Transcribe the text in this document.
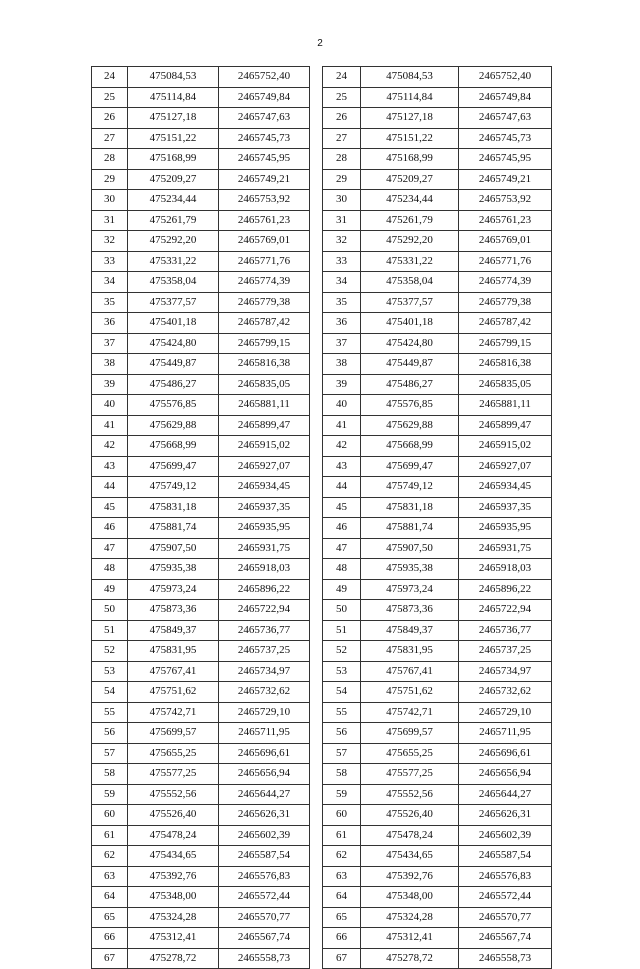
2
24	475084,53	2465752,40
25	475114,84	2465749,84
26	475127,18	2465747,63
27	475151,22	2465745,73
28	475168,99	2465745,95
29	475209,27	2465749,21
30	475234,44	2465753,92
31	475261,79	2465761,23
32	475292,20	2465769,01
33	475331,22	2465771,76
34	475358,04	2465774,39
35	475377,57	2465779,38
36	475401,18	2465787,42
37	475424,80	2465799,15
38	475449,87	2465816,38
39	475486,27	2465835,05
40	475576,85	2465881,11
41	475629,88	2465899,47
42	475668,99	2465915,02
43	475699,47	2465927,07
44	475749,12	2465934,45
45	475831,18	2465937,35
46	475881,74	2465935,95
47	475907,50	2465931,75
48	475935,38	2465918,03
49	475973,24	2465896,22
50	475873,36	2465722,94
51	475849,37	2465736,77
52	475831,95	2465737,25
53	475767,41	2465734,97
54	475751,62	2465732,62
55	475742,71	2465729,10
56	475699,57	2465711,95
57	475655,25	2465696,61
58	475577,25	2465656,94
59	475552,56	2465644,27
60	475526,40	2465626,31
61	475478,24	2465602,39
62	475434,65	2465587,54
63	475392,76	2465576,83
64	475348,00	2465572,44
65	475324,28	2465570,77
66	475312,41	2465567,74
67	475278,72	2465558,73
24	475084,53	2465752,40
25	475114,84	2465749,84
26	475127,18	2465747,63
27	475151,22	2465745,73
28	475168,99	2465745,95
29	475209,27	2465749,21
30	475234,44	2465753,92
31	475261,79	2465761,23
32	475292,20	2465769,01
33	475331,22	2465771,76
34	475358,04	2465774,39
35	475377,57	2465779,38
36	475401,18	2465787,42
37	475424,80	2465799,15
38	475449,87	2465816,38
39	475486,27	2465835,05
40	475576,85	2465881,11
41	475629,88	2465899,47
42	475668,99	2465915,02
43	475699,47	2465927,07
44	475749,12	2465934,45
45	475831,18	2465937,35
46	475881,74	2465935,95
47	475907,50	2465931,75
48	475935,38	2465918,03
49	475973,24	2465896,22
50	475873,36	2465722,94
51	475849,37	2465736,77
52	475831,95	2465737,25
53	475767,41	2465734,97
54	475751,62	2465732,62
55	475742,71	2465729,10
56	475699,57	2465711,95
57	475655,25	2465696,61
58	475577,25	2465656,94
59	475552,56	2465644,27
60	475526,40	2465626,31
61	475478,24	2465602,39
62	475434,65	2465587,54
63	475392,76	2465576,83
64	475348,00	2465572,44
65	475324,28	2465570,77
66	475312,41	2465567,74
67	475278,72	2465558,73
